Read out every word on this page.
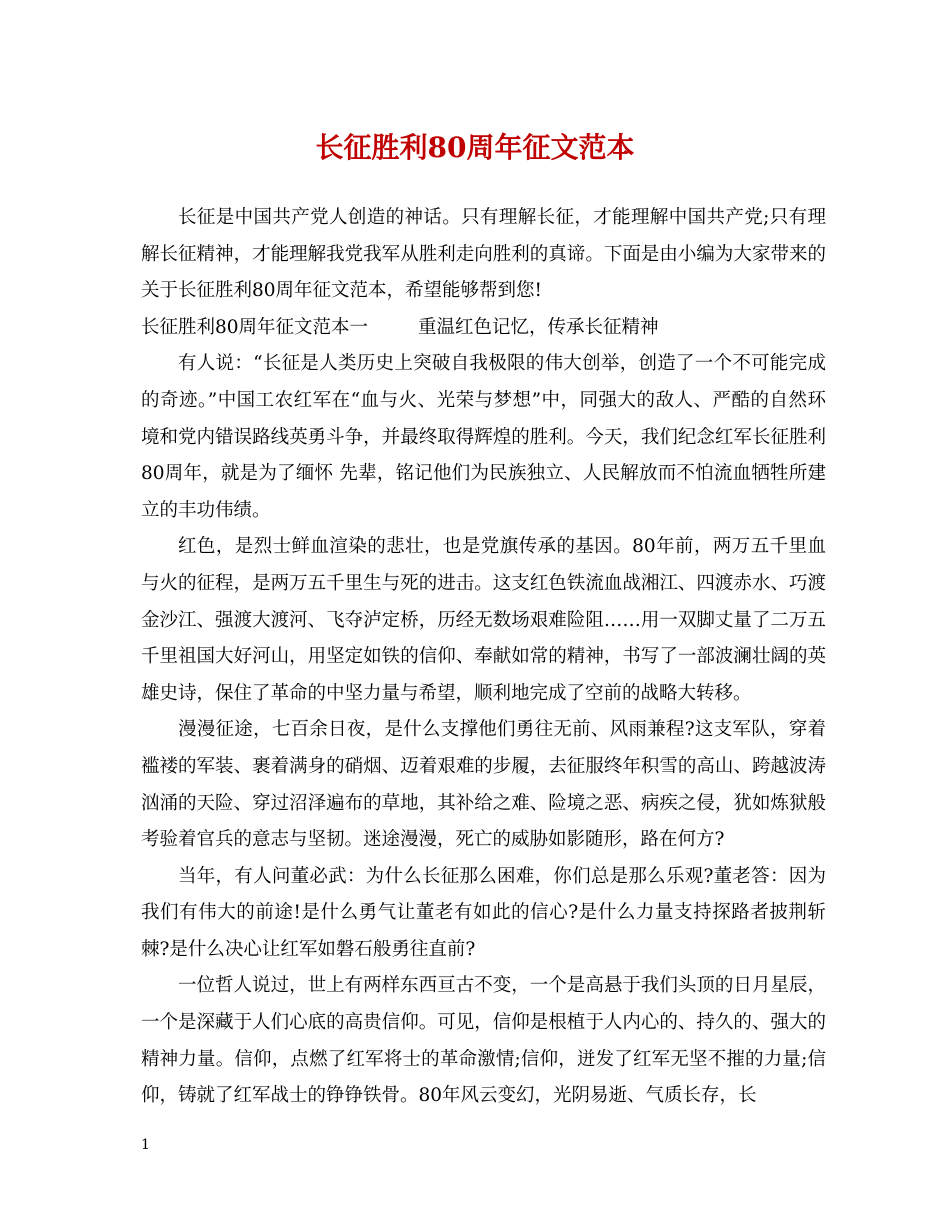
长征胜利80周年征文范本

长征是中国共产党人创造的神话。只有理解长征，才能理解中国共产党;只有理解长征精神，才能理解我党我军从胜利走向胜利的真谛。下面是由小编为大家带来的关于长征胜利80周年征文范本，希望能够帮到您!

长征胜利80周年征文范本一	重温红色记忆，传承长征精神

有人说：“长征是人类历史上突破自我极限的伟大创举，创造了一个不可能完成的奇迹。”中国工农红军在“血与火、光荣与梦想”中，同强大的敌人、严酷的自然环境和党内错误路线英勇斗争，并最终取得辉煌的胜利。今天，我们纪念红军长征胜利80周年，就是为了缅怀 先辈，铭记他们为民族独立、人民解放而不怕流血牺牲所建立的丰功伟绩。

红色，是烈士鲜血渲染的悲壮，也是党旗传承的基因。80年前，两万五千里血与火的征程，是两万五千里生与死的进击。这支红色铁流血战湘江、四渡赤水、巧渡金沙江、强渡大渡河、飞夺泸定桥，历经无数场艰难险阻……用一双脚丈量了二万五千里祖国大好河山，用坚定如铁的信仰、奉献如常的精神，书写了一部波澜壮阔的英雄史诗，保住了革命的中坚力量与希望，顺利地完成了空前的战略大转移。

漫漫征途，七百余日夜，是什么支撑他们勇往无前、风雨兼程?这支军队，穿着褴褛的军装、裹着满身的硝烟、迈着艰难的步履，去征服终年积雪的高山、跨越波涛汹涌的天险、穿过沼泽遍布的草地，其补给之难、险境之恶、病疾之侵，犹如炼狱般考验着官兵的意志与坚韧。迷途漫漫，死亡的威胁如影随形，路在何方?

当年，有人问董必武：为什么长征那么困难，你们总是那么乐观?董老答：因为我们有伟大的前途!是什么勇气让董老有如此的信心?是什么力量支持探路者披荆斩棘?是什么决心让红军如磐石般勇往直前?

一位哲人说过，世上有两样东西亘古不变，一个是高悬于我们头顶的日月星辰，一个是深藏于人们心底的高贵信仰。可见，信仰是根植于人内心的、持久的、强大的精神力量。信仰，点燃了红军将士的革命激情;信仰，迸发了红军无坚不摧的力量;信仰，铸就了红军战士的铮铮铁骨。80年风云变幻，光阴易逝、气质长存，长

1
